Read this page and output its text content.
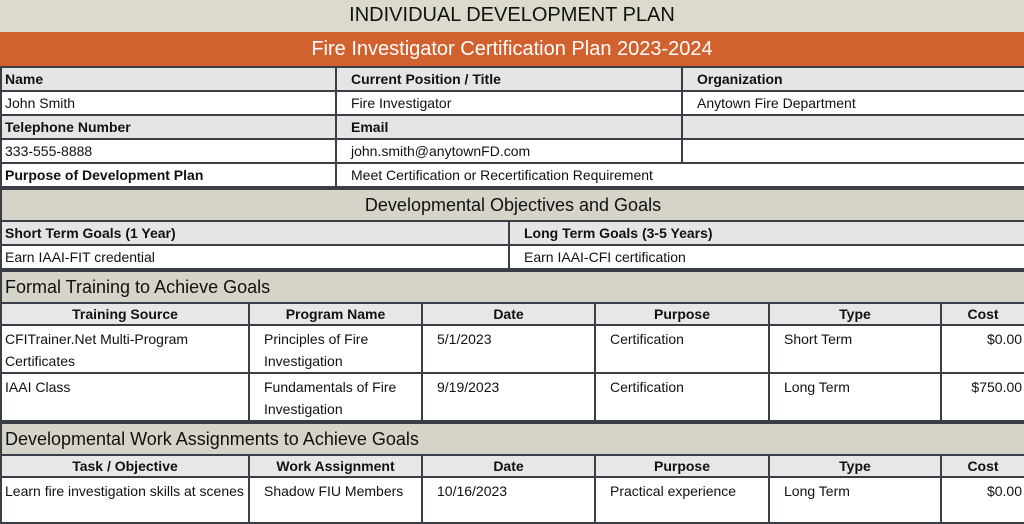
INDIVIDUAL DEVELOPMENT PLAN
Fire Investigator Certification Plan 2023-2024
Name	Current Position / Title	Organization
John Smith	Fire Investigator	Anytown Fire Department
Telephone Number	Email	
333-555-8888	john.smith@anytownFD.com	
Purpose of Development Plan	Meet Certification or Recertification Requirement	
Developmental Objectives and Goals	
Short Term Goals (1 Year)	Long Term Goals (3-5 Years)
Earn IAAI-FIT credential	Earn IAAI-CFI certification
Formal Training to Achieve Goals					
Training Source	Program Name	Date	Purpose	Type	Cost
CFITrainer.Net Multi-Program Certificates	Principles of Fire Investigation	5/1/2023	Certification	Short Term	$0.00
IAAI Class	Fundamentals of Fire Investigation	9/19/2023	Certification	Long Term	$750.00
Developmental Work Assignments to Achieve Goals					
Task / Objective	Work Assignment	Date	Purpose	Type	Cost
Learn fire investigation skills at scenes	Shadow FIU Members	10/16/2023	Practical experience	Long Term	$0.00
